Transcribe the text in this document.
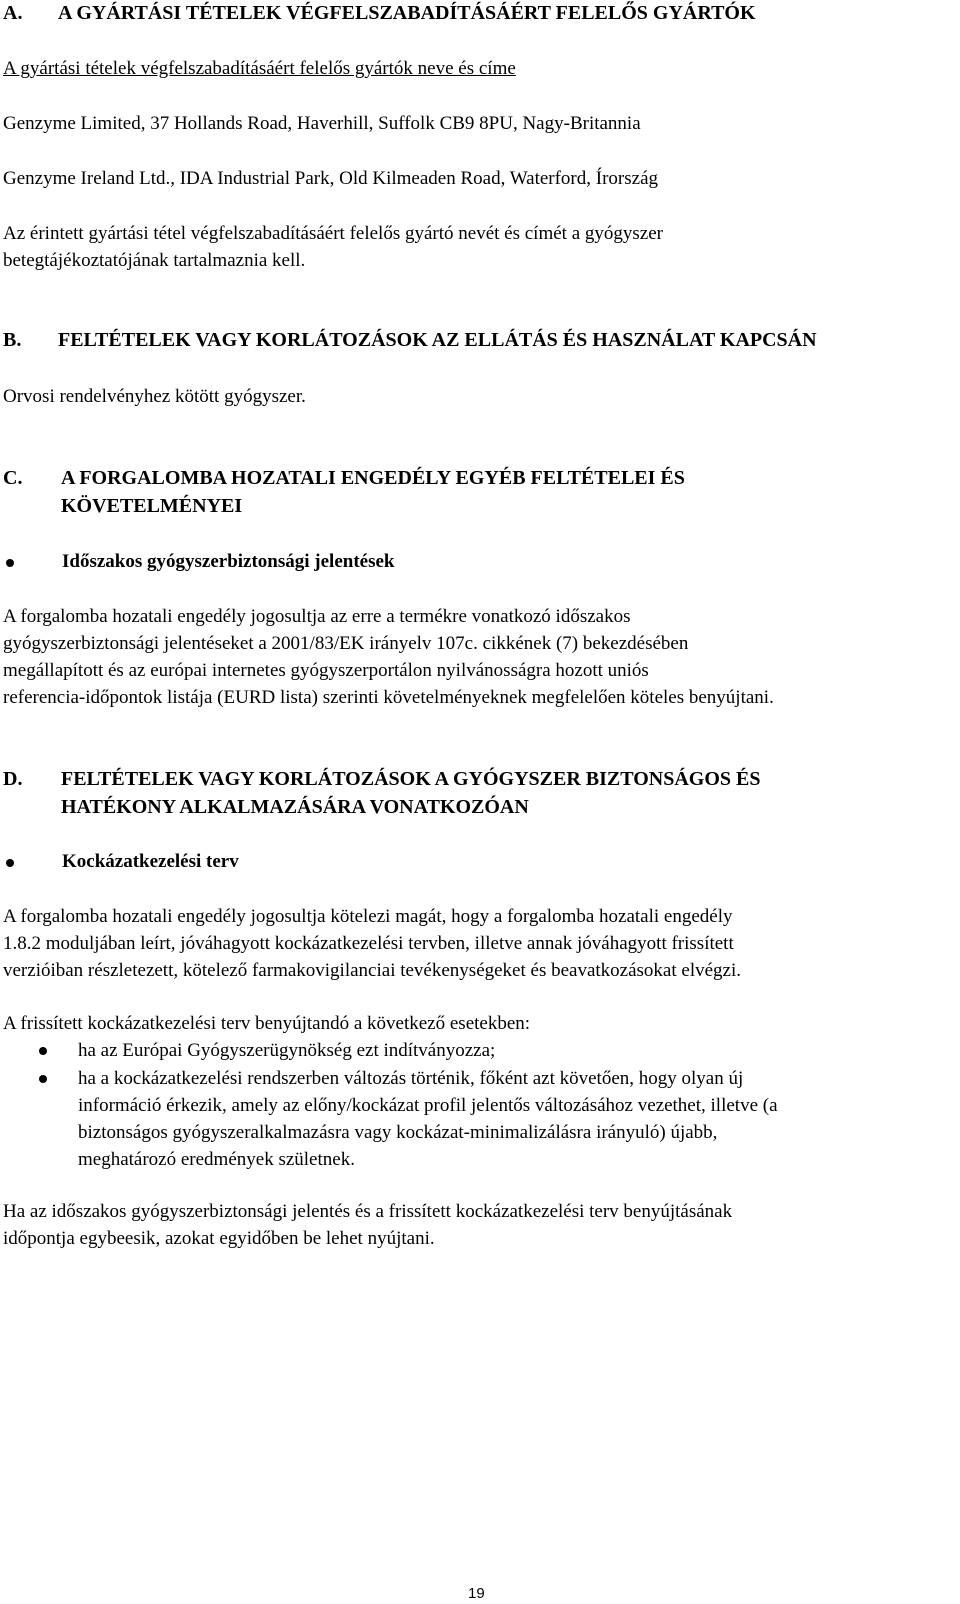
A. A GYÁRTÁSI TÉTELEK VÉGFELSZABADÍTÁSÁÉRT FELELŐS GYÁRTÓK
A gyártási tételek végfelszabadításáért felelős gyártók neve és címe
Genzyme Limited, 37 Hollands Road, Haverhill, Suffolk CB9 8PU, Nagy-Britannia
Genzyme Ireland Ltd., IDA Industrial Park, Old Kilmeaden Road, Waterford, Írország
Az érintett gyártási tétel végfelszabadításáért felelős gyártó nevét és címét a gyógyszer
betegtájékoztatójának tartalmaznia kell.
B. FELTÉTELEK VAGY KORLÁTOZÁSOK AZ ELLÁTÁS ÉS HASZNÁLAT KAPCSÁN
Orvosi rendelvényhez kötött gyógyszer.
C. A FORGALOMBA HOZATALI ENGEDÉLY EGYÉB FELTÉTELEI ÉS
KÖVETELMÉNYEI
Időszakos gyógyszerbiztonsági jelentések
A forgalomba hozatali engedély jogosultja az erre a termékre vonatkozó időszakos
gyógyszerbiztonsági jelentéseket a 2001/83/EK irányelv 107c. cikkének (7) bekezdésében
megállapított és az európai internetes gyógyszerportálon nyilvánosságra hozott uniós
referencia-időpontok listája (EURD lista) szerinti követelményeknek megfelelően köteles benyújtani.
D. FELTÉTELEK VAGY KORLÁTOZÁSOK A GYÓGYSZER BIZTONSÁGOS ÉS
HATÉKONY ALKALMAZÁSÁRA VONATKOZÓAN
Kockázatkezelési terv
A forgalomba hozatali engedély jogosultja kötelezi magát, hogy a forgalomba hozatali engedély
1.8.2 moduljában leírt, jóváhagyott kockázatkezelési tervben, illetve annak jóváhagyott frissített
verzióiban részletezett, kötelező farmakovigilanciai tevékenységeket és beavatkozásokat elvégzi.
A frissített kockázatkezelési terv benyújtandó a következő esetekben:
ha az Európai Gyógyszerügynökség ezt indítványozza;
ha a kockázatkezelési rendszerben változás történik, főként azt követően, hogy olyan új
információ érkezik, amely az előny/kockázat profil jelentős változásához vezethet, illetve (a
biztonságos gyógyszeralkalmazásra vagy kockázat-minimalizálásra irányuló) újabb,
meghatározó eredmények születnek.
Ha az időszakos gyógyszerbiztonsági jelentés és a frissített kockázatkezelési terv benyújtásának
időpontja egybeesik, azokat egyidőben be lehet nyújtani.
19
